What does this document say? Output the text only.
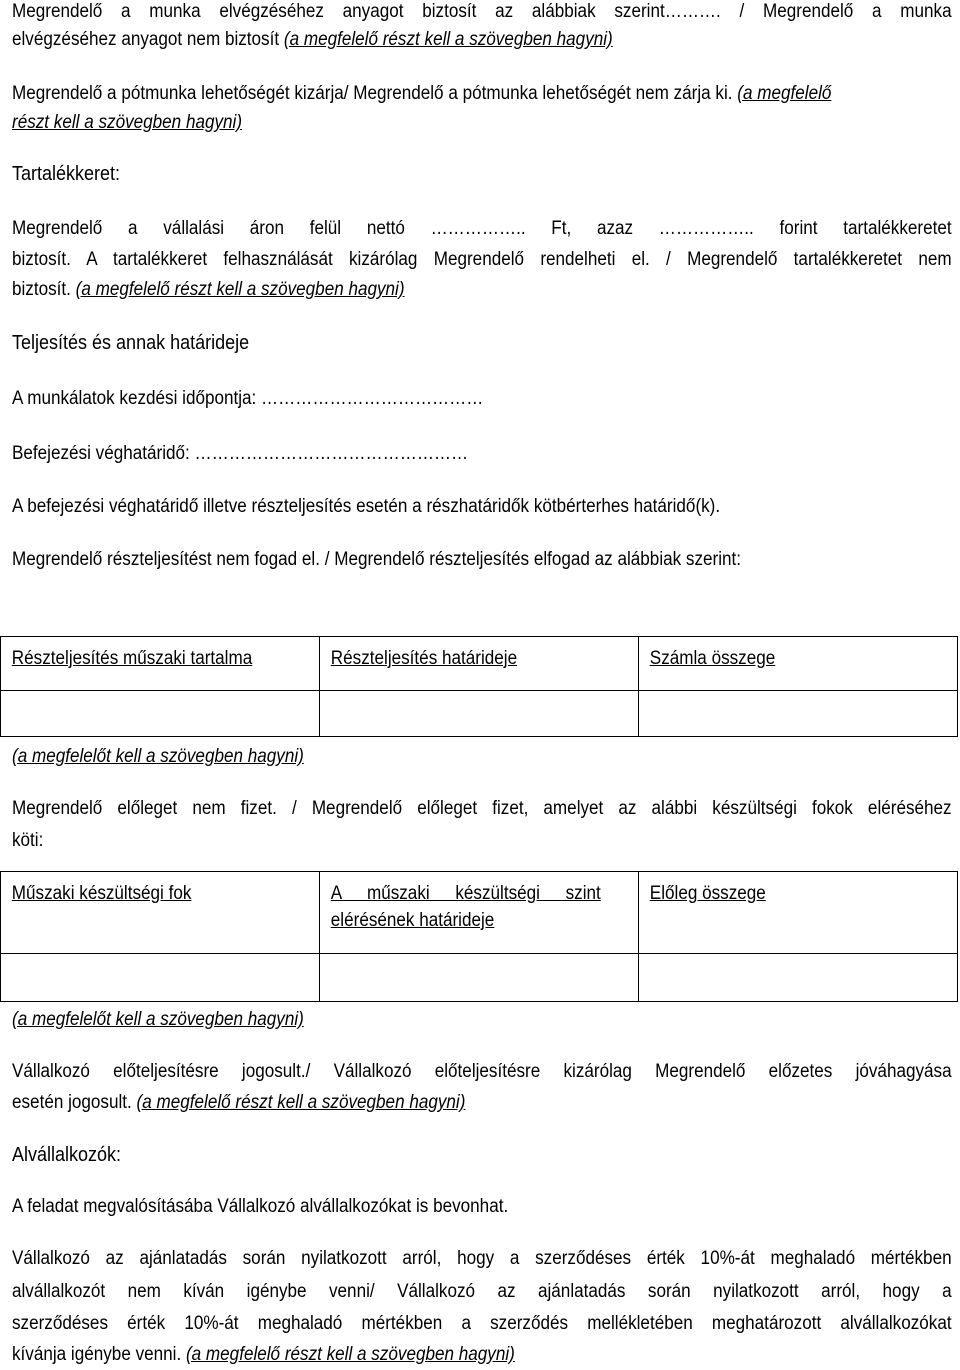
Megrendelő a munka elvégzéséhez anyagot biztosít az alábbiak szerint………. / Megrendelő a munka

elvégzéséhez anyagot nem biztosít (a megfelelő részt kell a szövegben hagyni)

Megrendelő a pótmunka lehetőségét kizárja/ Megrendelő a pótmunka lehetőségét nem zárja ki. (a megfelelő

részt kell a szövegben hagyni)

Tartalékkeret:

Megrendelő a vállalási áron felül nettó …………….. Ft, azaz …………….. forint tartalékkeretet

biztosít. A tartalékkeret felhasználását kizárólag Megrendelő rendelheti el. / Megrendelő tartalékkeretet nem

biztosít. (a megfelelő részt kell a szövegben hagyni)

Teljesítés és annak határideje

A munkálatok kezdési időpontja: …………………………………

Befejezési véghatáridő: …………………………………………

A befejezési véghatáridő illetve részteljesítés esetén a részhatáridők kötbérterhes határidő(k).

Megrendelő részteljesítést nem fogad el. / Megrendelő részteljesítés elfogad az alábbiak szerint:

Részteljesítés műszaki tartalma	Részteljesítés határideje	Számla összege

(a megfelelőt kell a szövegben hagyni)

Megrendelő előleget nem fizet. / Megrendelő előleget fizet, amelyet az alábbi készültségi fokok eléréséhez

köti:

Műszaki készültségi fok	A műszaki készültségi szint elérésének határideje	Előleg összege

(a megfelelőt kell a szövegben hagyni)

Vállalkozó előteljesítésre jogosult./ Vállalkozó előteljesítésre kizárólag Megrendelő előzetes jóváhagyása

esetén jogosult. (a megfelelő részt kell a szövegben hagyni)

Alvállalkozók:

A feladat megvalósításába Vállalkozó alvállalkozókat is bevonhat.

Vállalkozó az ajánlatadás során nyilatkozott arról, hogy a szerződéses érték 10%-át meghaladó mértékben

alvállalkozót nem kíván igénybe venni/ Vállalkozó az ajánlatadás során nyilatkozott arról, hogy a

szerződéses érték 10%-át meghaladó mértékben a szerződés mellékletében meghatározott alvállalkozókat

kívánja igénybe venni. (a megfelelő részt kell a szövegben hagyni)
